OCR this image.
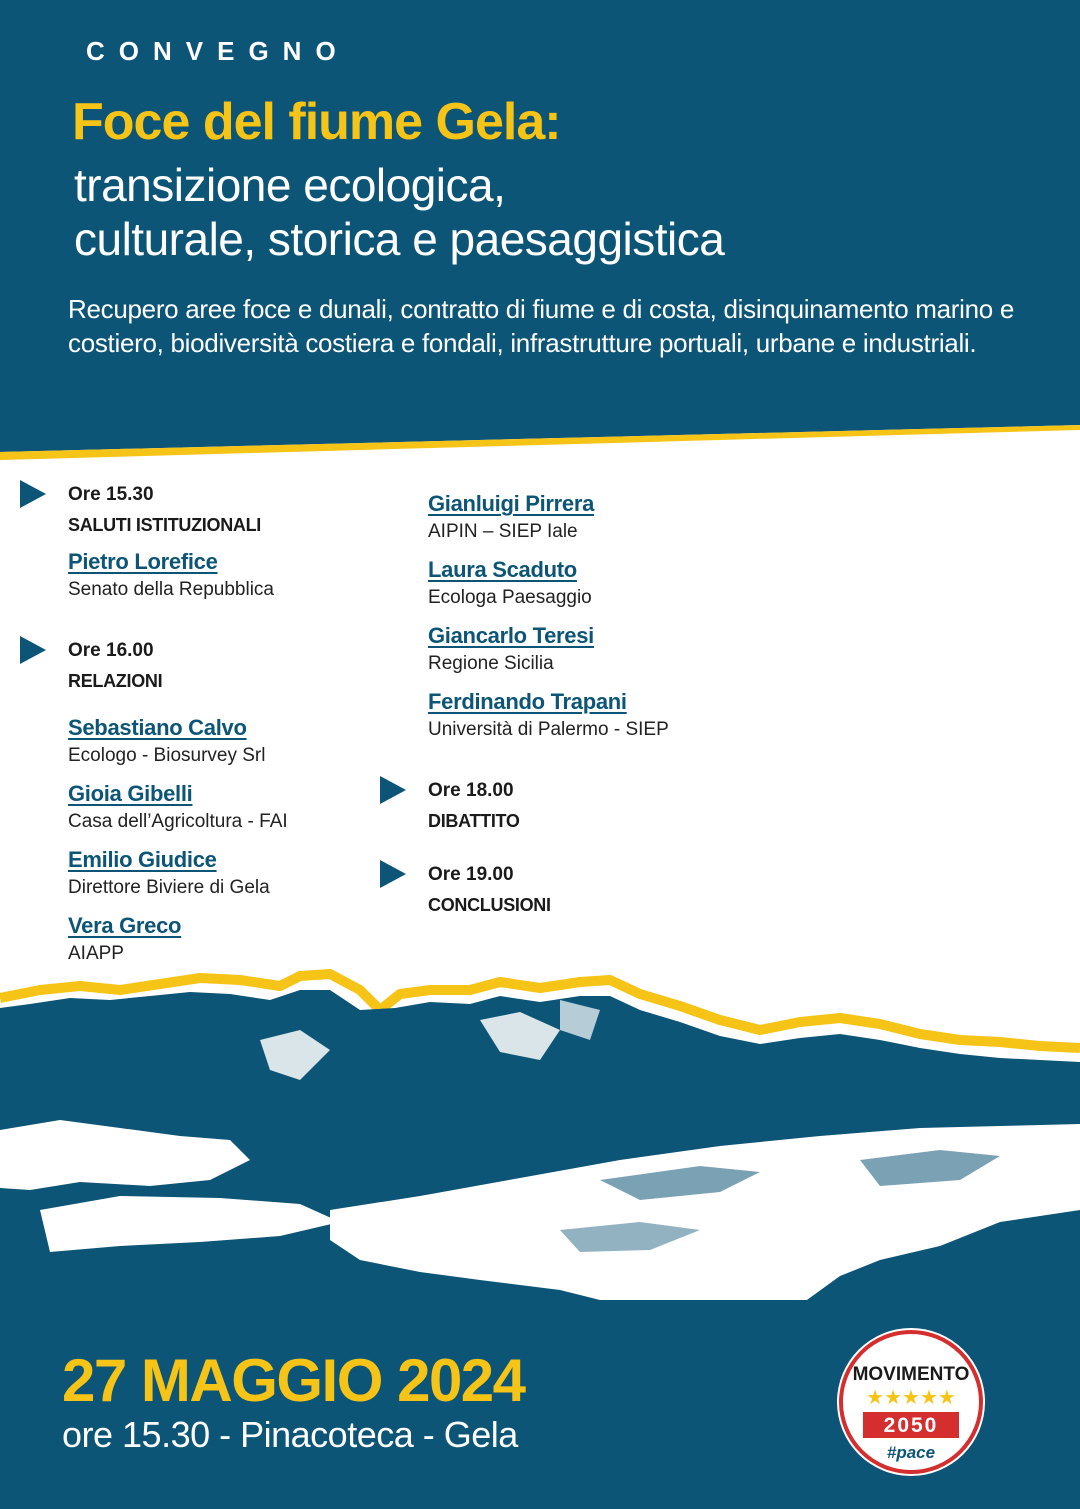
CONVEGNO
Foce del fiume Gela:
transizione ecologica,
culturale, storica e paesaggistica
Recupero aree foce e dunali, contratto di fiume e di costa, disinquinamento marino e costiero, biodiversità costiera e fondali, infrastrutture portuali, urbane e industriali.
Ore 15.30
SALUTI ISTITUZIONALI
Pietro Lorefice
Senato della Repubblica
Ore 16.00
RELAZIONI
Sebastiano Calvo
Ecologo - Biosurvey Srl
Gioia Gibelli
Casa dell’Agricoltura - FAI
Emilio Giudice
Direttore Biviere di Gela
Vera Greco
AIAPP
Gianluigi Pirrera
AIPIN – SIEP Iale
Laura Scaduto
Ecologa Paesaggio
Giancarlo Teresi
Regione Sicilia
Ferdinando Trapani
Università di Palermo - SIEP
Ore 18.00
DIBATTITO
Ore 19.00
CONCLUSIONI
27 MAGGIO 2024
ore 15.30 - Pinacoteca - Gela
MOVIMENTO
★★★★★
2050
#pace
